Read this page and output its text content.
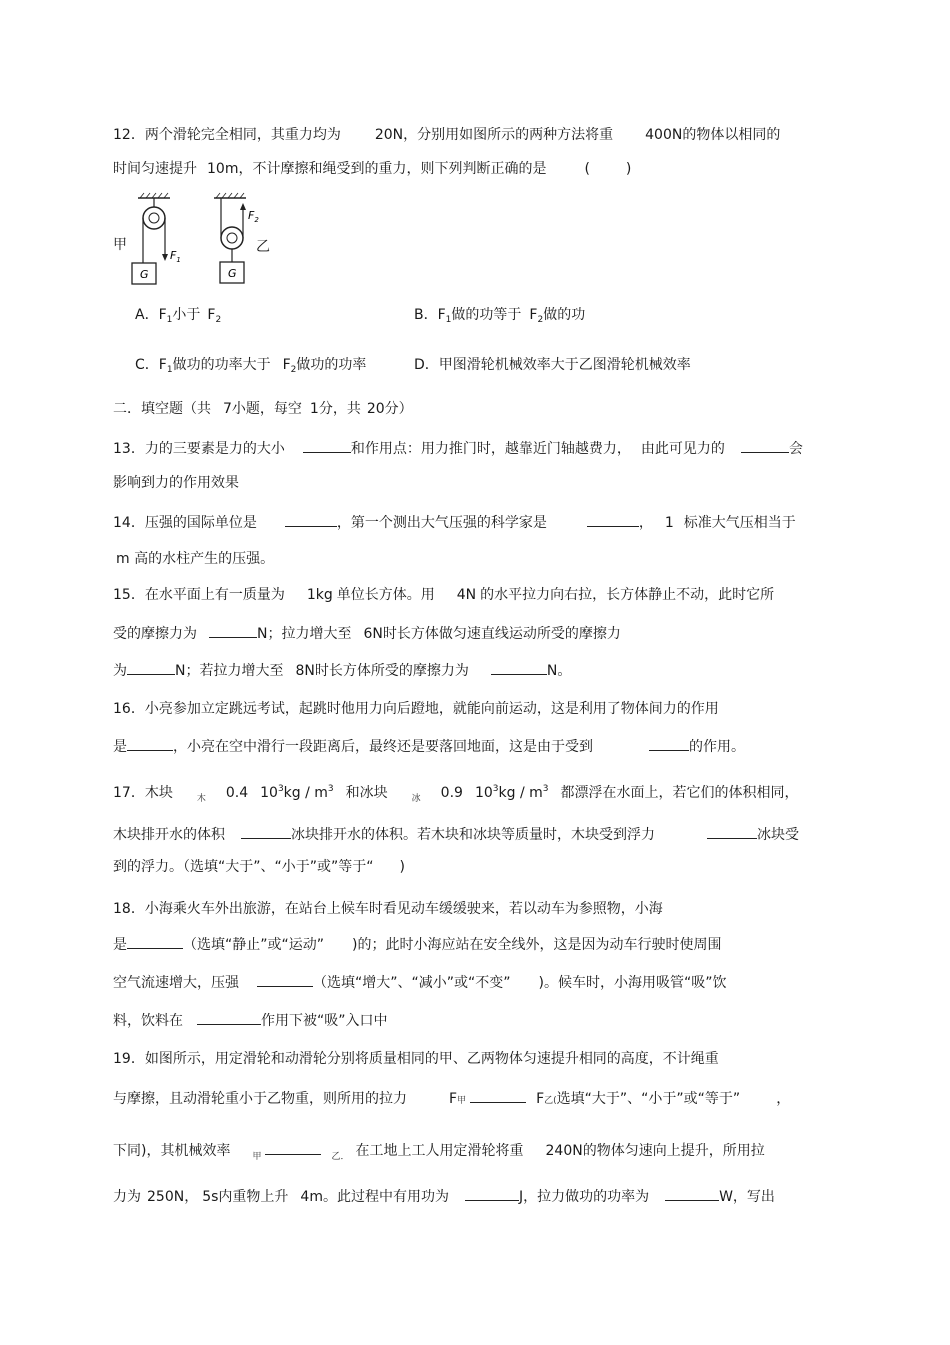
12．两个滑轮完全相同，其重力均为 20N，分别用如图所示的两种方法将重 400N的物体以相同的
时间匀速提升 10m，不计摩擦和绳受到的重力，则下列判断正确的是	(	)
G
$F_1$
G
$F_2$
甲	乙
A．$F_1$小于 $F_2$	B．$F_1$做的功等于 $F_2$做的功
C．$F_1$做功的功率大于 $F_2$做功的功率	D．甲图滑轮机械效率大于乙图滑轮机械效率
二．填空题（共 7小题，每空 1分，共 20分）
13．力的三要素是力的大小	和作用点：用力推门时，越靠近门轴越费力， 由此可见力的	会
影响到力的作用效果
14．压强的国际单位是	，第一个测出大气压强的科学家是	， 1 标准大气压相当于
m 高的水柱产生的压强。
15．在水平面上有一质量为 1kg 单位长方体。用 4N 的水平拉力向右拉，长方体静止不动，此时它所
受的摩擦力为	N；拉力增大至 6N时长方体做匀速直线运动所受的摩擦力
为	N；若拉力增大至 8N时长方体所受的摩擦力为	N。
16．小亮参加立定跳远考试，起跳时他用力向后蹬地，就能向前运动，这是利用了物体间力的作用
是	，小亮在空中滑行一段距离后，最终还是要落回地面，这是由于受到	的作用。
17．木块	$_木$ 0.4 $10^3kg / m^3$ 和冰块	$_冰$ 0.9 $10^3kg / m^3$ 都漂浮在水面上，若它们的体积相同，
木块排开水的体积	冰块排开水的体积。若木块和冰块等质量时，木块受到浮力	冰块受
到的浮力。（选填“大于”、“小于”或”等于“ )
18．小海乘火车外出旅游，在站台上候车时看见动车缓缓驶来，若以动车为参照物，小海
是	（选填“静止”或“运动” )的；此时小海应站在安全线外，这是因为动车行驶时使周围
空气流速增大，压强	（选填“增大”、“减小”或“不变” )。候车时，小海用吸管“吸”饮
料，饮料在	作用下被“吸”入口中
19．如图所示，用定滑轮和动滑轮分别将质量相同的甲、乙两物体匀速提升相同的高度，不计绳重
与摩擦，且动滑轮重小于乙物重，则所用的拉力	F甲	F乙(选填“大于”、“小于”或“等于”	，
下同)，其机械效率 $_甲$	$_{乙.}$ 在工地上工人用定滑轮将重 240N的物体匀速向上提升，所用拉
力为 250N， 5s内重物上升 4m。此过程中有用功为	J，拉力做功的功率为	W，写出
